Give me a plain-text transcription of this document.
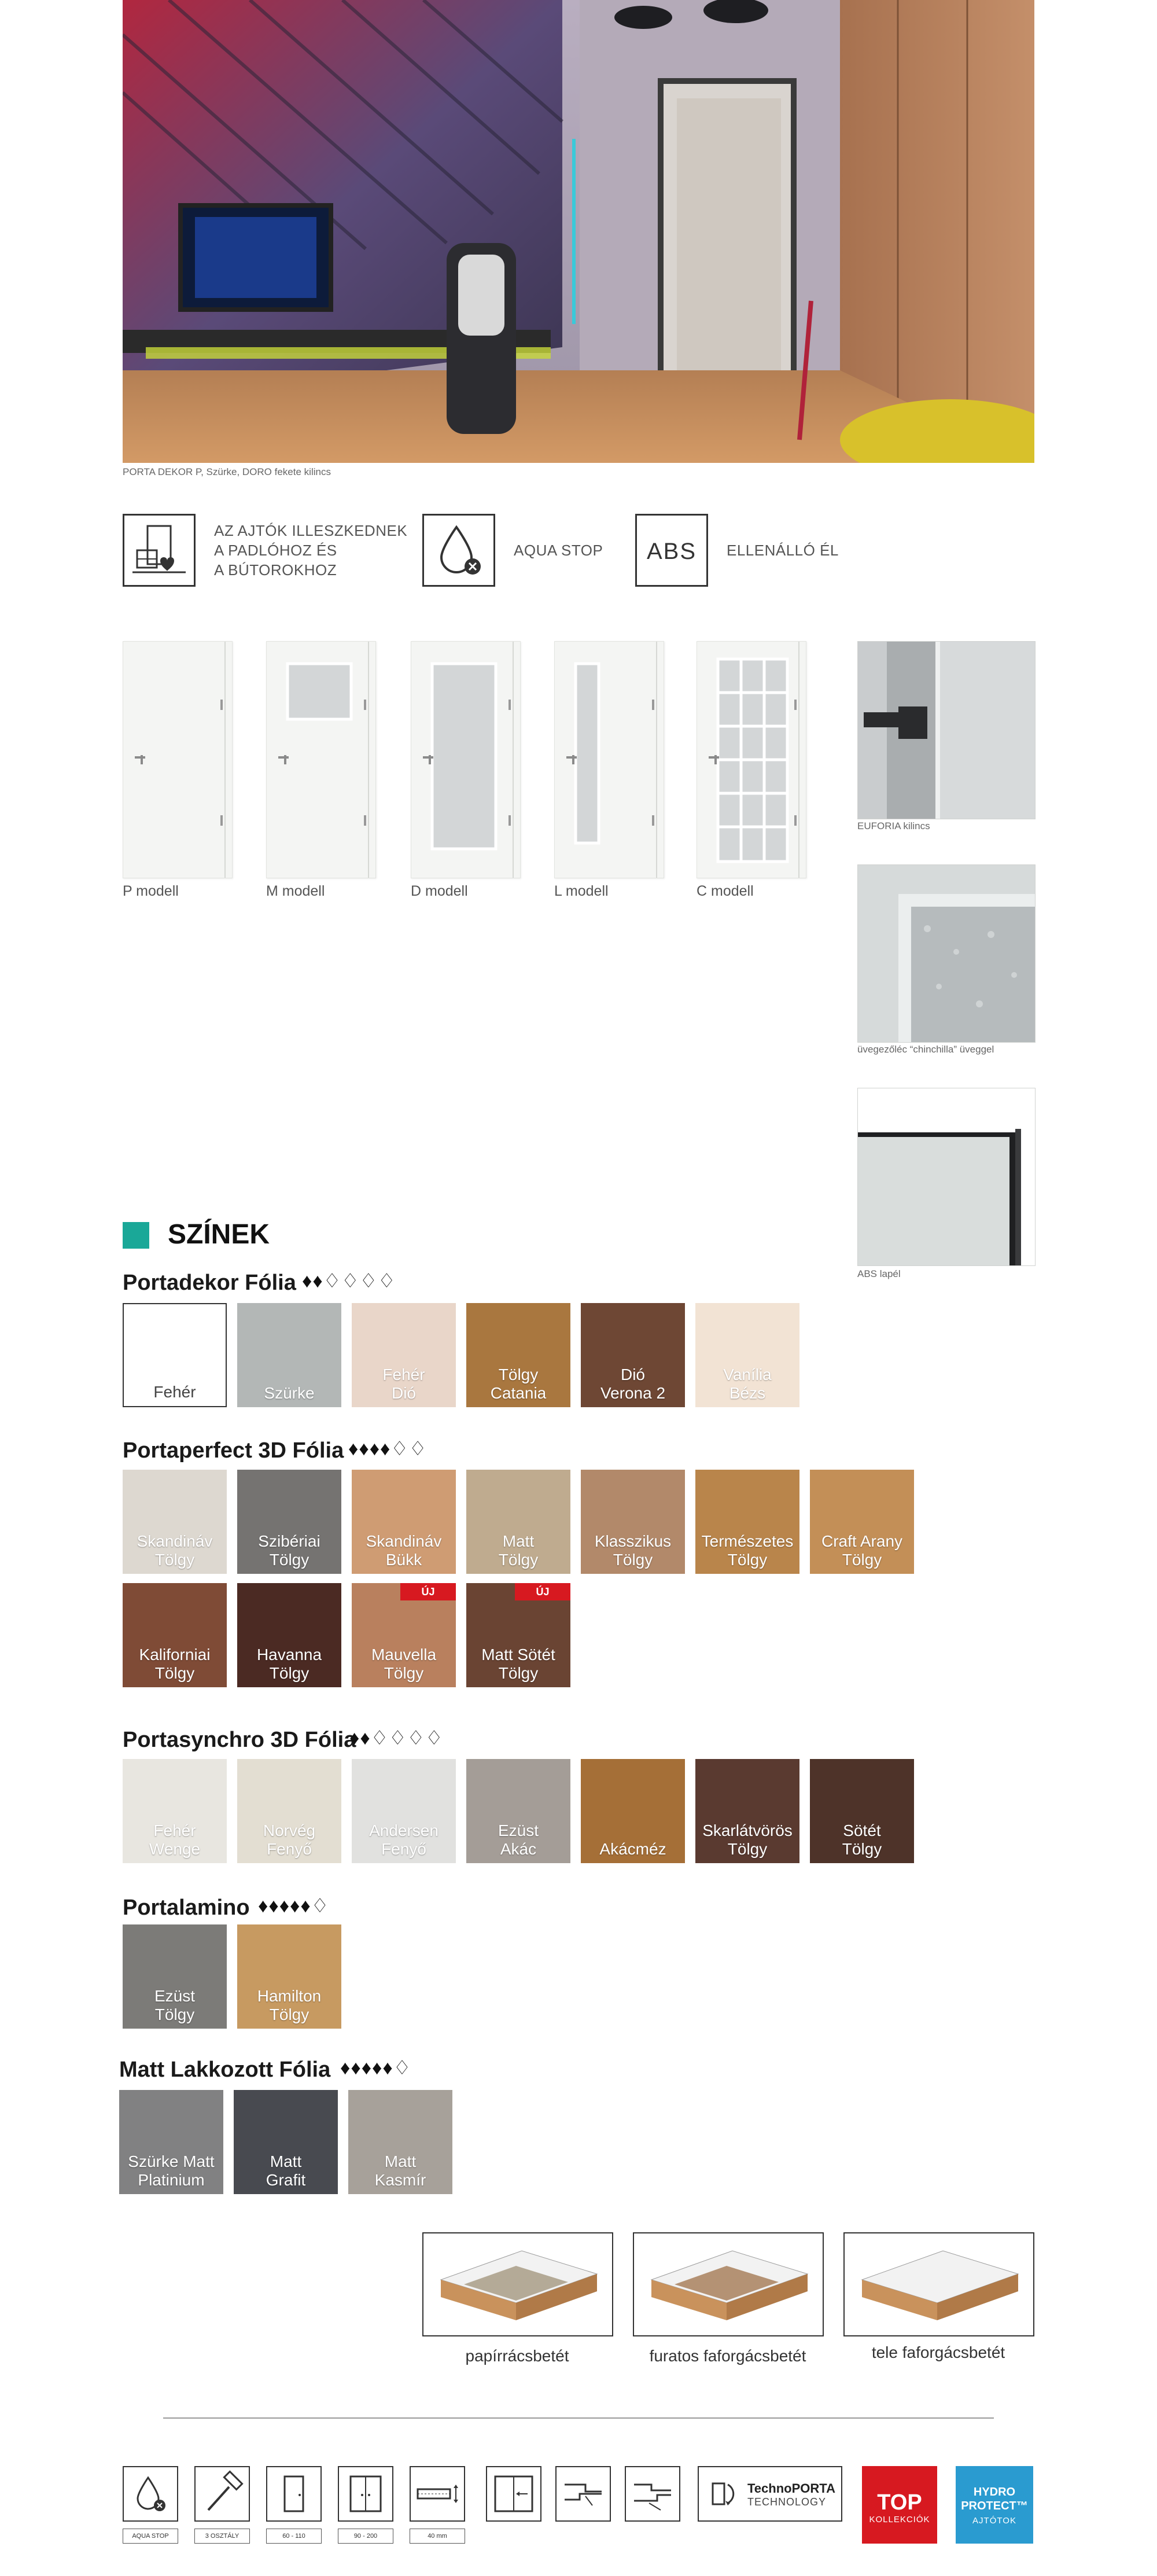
PORTA DEKOR P, Szürke, DORO fekete kilincs
AZ AJTÓK ILLESZKEDNEK
A PADLÓHOZ ÉS
A BÚTOROKHOZ
AQUA STOP	ABS	ELLENÁLLÓ ÉL
P modell	M modell	D modell	L modell	C modell
EUFORIA kilincs
üvegezőléc “chinchilla” üveggel
ABS lapél
SZÍNEK
Portadekor Fólia ♦♦♢♢♢♢
Fehér	Szürke
Fehér
Dió
Tölgy
Catania
Dió
Verona 2
Vanília
Bézs
Portaperfect 3D Fólia ♦♦♦♦♢♢
Skandináv
Tölgy
Szibériai
Tölgy
Skandináv
Bükk
Matt
Tölgy
Klasszikus
Tölgy
Természetes
Tölgy
Craft Arany
Tölgy
Kaliforniai
Tölgy
Havanna
Tölgy
Mauvella
Tölgy
ÚJ
Matt Sötét
Tölgy
ÚJ
Portasynchro 3D Fólia
♦♦♢♢♢♢
Fehér
Wenge
Norvég
Fenyő
Andersen
Fenyő
Ezüst
Akác	Akácméz
Skarlátvörös
Tölgy
Sötét
Tölgy
Portalamino ♦♦♦♦♦♢
Ezüst
Tölgy
Hamilton
Tölgy
Matt Lakkozott Fólia ♦♦♦♦♦♢
Szürke Matt
Platinium
Matt
Grafit
Matt
Kasmír
papírrácsbetét	furatos faforgácsbetét	tele faforgácsbetét
AQUA STOP	3 OSZTÁLY	60 - 110	90 - 200	40 mm
TechnoPORTA
TECHNOLOGY	TOP
KOLLEKCIÓK
HYDRO
PROTECT™
AJTÓTOK
